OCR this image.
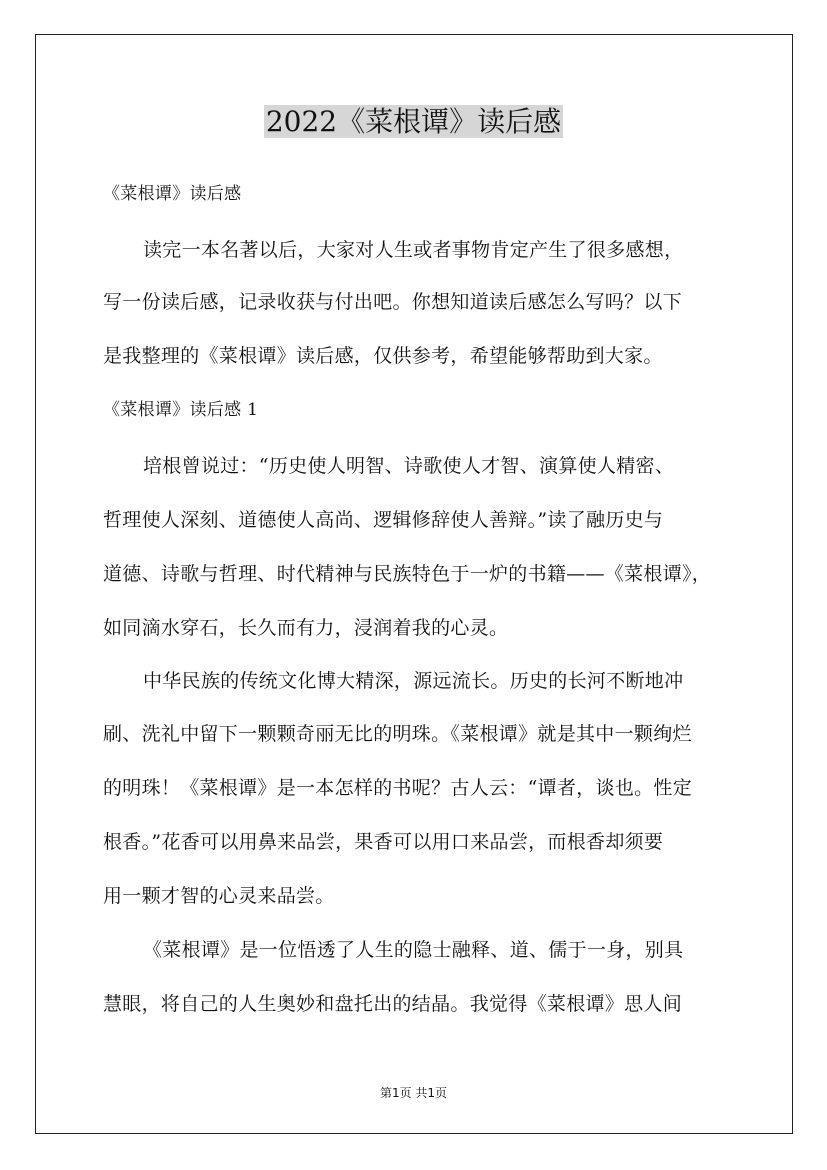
2022《菜根谭》读后感
《菜根谭》读后感
读完一本名著以后，大家对人生或者事物肯定产生了很多感想，
写一份读后感，记录收获与付出吧。你想知道读后感怎么写吗？以下
是我整理的《菜根谭》读后感，仅供参考，希望能够帮助到大家。
《菜根谭》读后感 1
培根曾说过：“历史使人明智、诗歌使人才智、演算使人精密、
哲理使人深刻、道德使人高尚、逻辑修辞使人善辩。”读了融历史与
道德、诗歌与哲理、时代精神与民族特色于一炉的书籍——《菜根谭》，
如同滴水穿石，长久而有力，浸润着我的心灵。
中华民族的传统文化博大精深，源远流长。历史的长河不断地冲
刷、洗礼中留下一颗颗奇丽无比的明珠。《菜根谭》就是其中一颗绚烂
的明珠！《菜根谭》是一本怎样的书呢？古人云：“谭者，谈也。性定
根香。”花香可以用鼻来品尝，果香可以用口来品尝，而根香却须要
用一颗才智的心灵来品尝。
《菜根谭》是一位悟透了人生的隐士融释、道、儒于一身，别具
慧眼，将自己的人生奥妙和盘托出的结晶。我觉得《菜根谭》思人间
第1页 共1页
